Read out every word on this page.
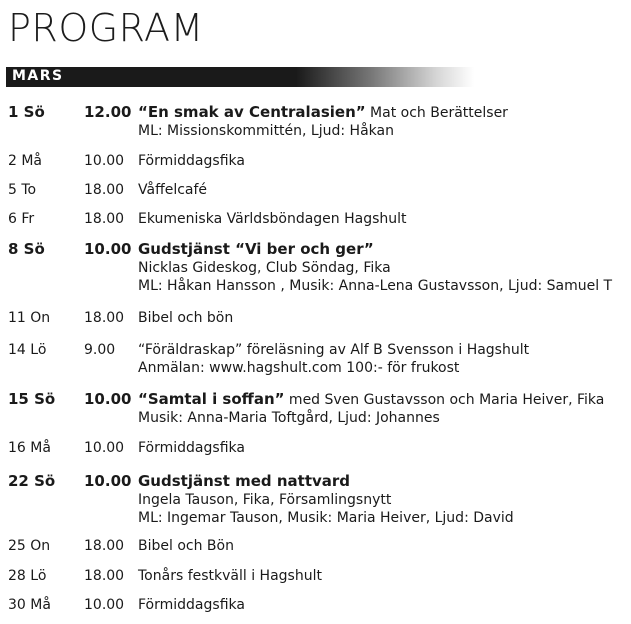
PROGRAM
MARS
1 Sö	12.00 “En smak av Centralasien” Mat och Berättelser
ML: Missionskommittén, Ljud: Håkan
2 Må	10.00 Förmiddagsfika
5 To	18.00 Våffelcafé
6 Fr	18.00 Ekumeniska Världsböndagen Hagshult
8 Sö	10.00 Gudstjänst “Vi ber och ger”
Nicklas Gideskog, Club Söndag, Fika
ML: Håkan Hansson , Musik: Anna-Lena Gustavsson, Ljud: Samuel T
11 On 18.00 Bibel och bön
14 Lö	9.00 “Föräldraskap” föreläsning av Alf B Svensson i Hagshult
Anmälan: www.hagshult.com 100:- för frukost
15 Sö 10.00 “Samtal i soffan” med Sven Gustavsson och Maria Heiver, Fika
Musik: Anna-Maria Toftgård, Ljud: Johannes
16 Må 10.00 Förmiddagsfika
22 Sö 10.00 Gudstjänst med nattvard
Ingela Tauson, Fika, Församlingsnytt
ML: Ingemar Tauson, Musik: Maria Heiver, Ljud: David
25 On 18.00 Bibel och Bön
28 Lö	18.00 Tonårs festkväll i Hagshult
30 Må 10.00 Förmiddagsfika
